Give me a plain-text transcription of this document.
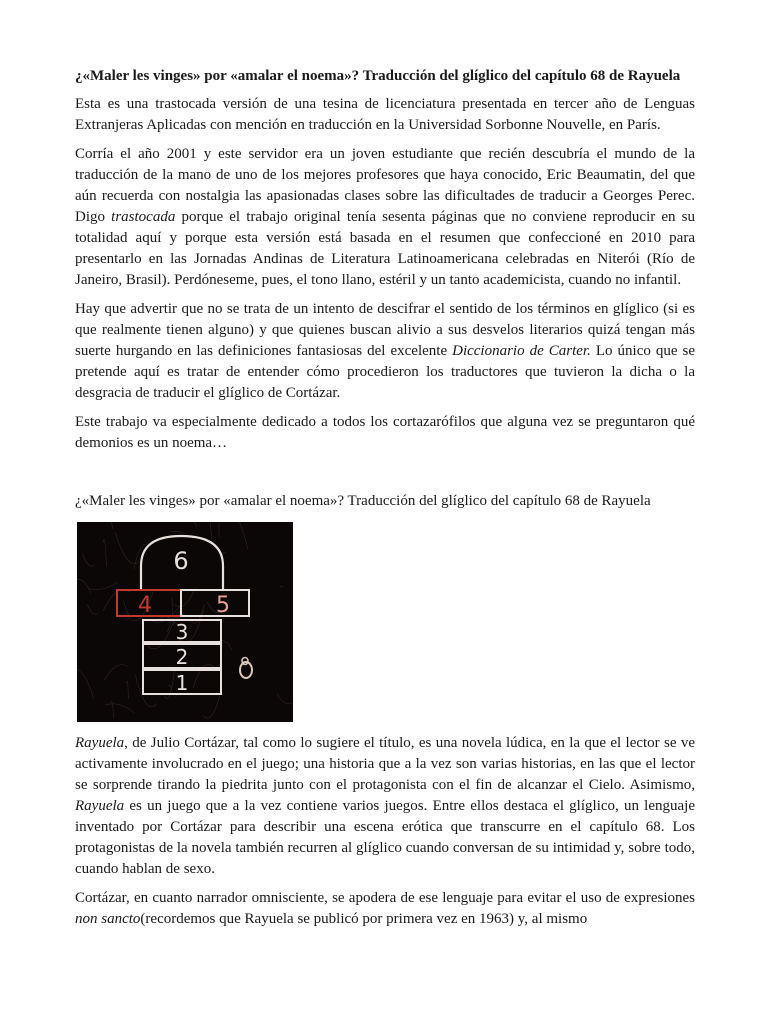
¿«Maler les vinges» por «amalar el noema»? Traducción del glíglico del capítulo 68 de Rayuela

Esta es una trastocada versión de una tesina de licenciatura presentada en tercer año de Lenguas Extranjeras Aplicadas con mención en traducción en la Universidad Sorbonne Nouvelle, en París.

Corría el año 2001 y este servidor era un joven estudiante que recién descubría el mundo de la traducción de la mano de uno de los mejores profesores que haya conocido, Eric Beaumatin, del que aún recuerda con nostalgia las apasionadas clases sobre las dificultades de traducir a Georges Perec. Digo trastocada porque el trabajo original tenía sesenta páginas que no conviene reproducir en su totalidad aquí y porque esta versión está basada en el resumen que confeccioné en 2010 para presentarlo en las Jornadas Andinas de Literatura Latinoamericana celebradas en Niterói (Río de Janeiro, Brasil). Perdóneseme, pues, el tono llano, estéril y un tanto academicista, cuando no infantil.

Hay que advertir que no se trata de un intento de descifrar el sentido de los términos en glíglico (si es que realmente tienen alguno) y que quienes buscan alivio a sus desvelos literarios quizá tengan más suerte hurgando en las definiciones fantasiosas del excelente Diccionario de Carter. Lo único que se pretende aquí es tratar de entender cómo procedieron los traductores que tuvieron la dicha o la desgracia de traducir el glíglico de Cortázar.

Este trabajo va especialmente dedicado a todos los cortazarófilos que alguna vez se preguntaron qué demonios es un noema…

¿«Maler les vinges» por «amalar el noema»? Traducción del glíglico del capítulo 68 de Rayuela
6
4	5
3
2
1

Rayuela, de Julio Cortázar, tal como lo sugiere el título, es una novela lúdica, en la que el lector se ve activamente involucrado en el juego; una historia que a la vez son varias historias, en las que el lector se sorprende tirando la piedrita junto con el protagonista con el fin de alcanzar el Cielo. Asimismo, Rayuela es un juego que a la vez contiene varios juegos. Entre ellos destaca el glíglico, un lenguaje inventado por Cortázar para describir una escena erótica que transcurre en el capítulo 68. Los protagonistas de la novela también recurren al glíglico cuando conversan de su intimidad y, sobre todo, cuando hablan de sexo.

Cortázar, en cuanto narrador omnisciente, se apodera de ese lenguaje para evitar el uso de expresiones non sancto(recordemos que Rayuela se publicó por primera vez en 1963) y, al mismo
